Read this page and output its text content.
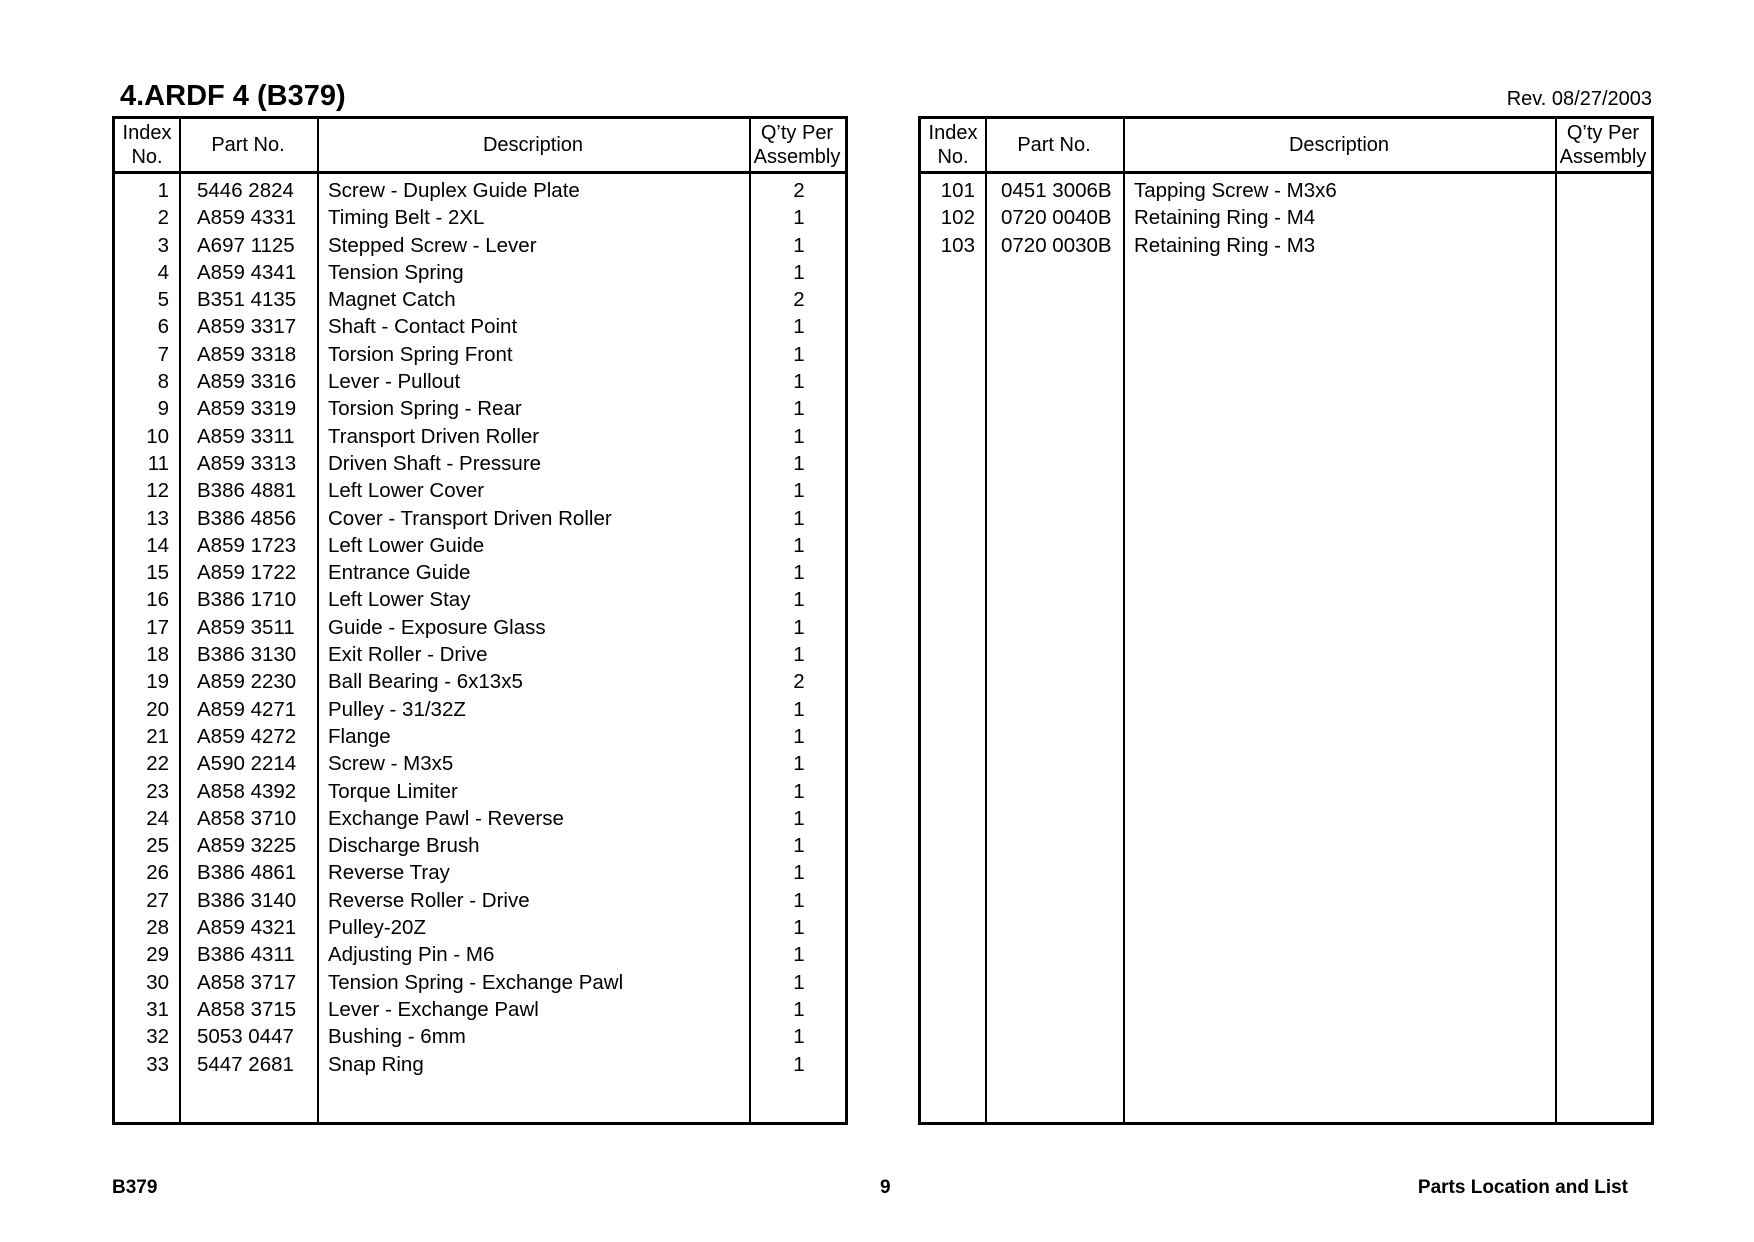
4.ARDF 4 (B379)	Rev. 08/27/2003
Index
No.
Part No.	Description
Q’ty Per
Assembly
1 5446 2824	Screw - Duplex Guide Plate	2
2 A859 4331	Timing Belt - 2XL	1
3 A697 1125	Stepped Screw - Lever	1
4 A859 4341	Tension Spring	1
5 B351 4135	Magnet Catch	2
6 A859 3317	Shaft - Contact Point	1
7 A859 3318	Torsion Spring Front	1
8 A859 3316	Lever - Pullout	1
9 A859 3319	Torsion Spring - Rear	1
10 A859 3311	Transport Driven Roller	1
11 A859 3313	Driven Shaft - Pressure	1
12 B386 4881	Left Lower Cover	1
13 B386 4856	Cover - Transport Driven Roller	1
14 A859 1723	Left Lower Guide	1
15 A859 1722	Entrance Guide	1
16 B386 1710	Left Lower Stay	1
17 A859 3511	Guide - Exposure Glass	1
18 B386 3130	Exit Roller - Drive	1
19 A859 2230	Ball Bearing - 6x13x5	2
20 A859 4271	Pulley - 31/32Z	1
21 A859 4272	Flange	1
22 A590 2214	Screw - M3x5	1
23 A858 4392	Torque Limiter	1
24 A858 3710	Exchange Pawl - Reverse	1
25 A859 3225	Discharge Brush	1
26 B386 4861	Reverse Tray	1
27 B386 3140	Reverse Roller - Drive	1
28 A859 4321	Pulley-20Z	1
29 B386 4311	Adjusting Pin - M6	1
30 A858 3717	Tension Spring - Exchange Pawl	1
31 A858 3715	Lever - Exchange Pawl	1
32 5053 0447	Bushing - 6mm	1
33 5447 2681	Snap Ring	1
Index
No.
Part No.	Description
Q’ty Per
Assembly
101 0451 3006B	Tapping Screw - M3x6
102 0720 0040B	Retaining Ring - M4
103 0720 0030B	Retaining Ring - M3
B379	9	Parts Location and List
